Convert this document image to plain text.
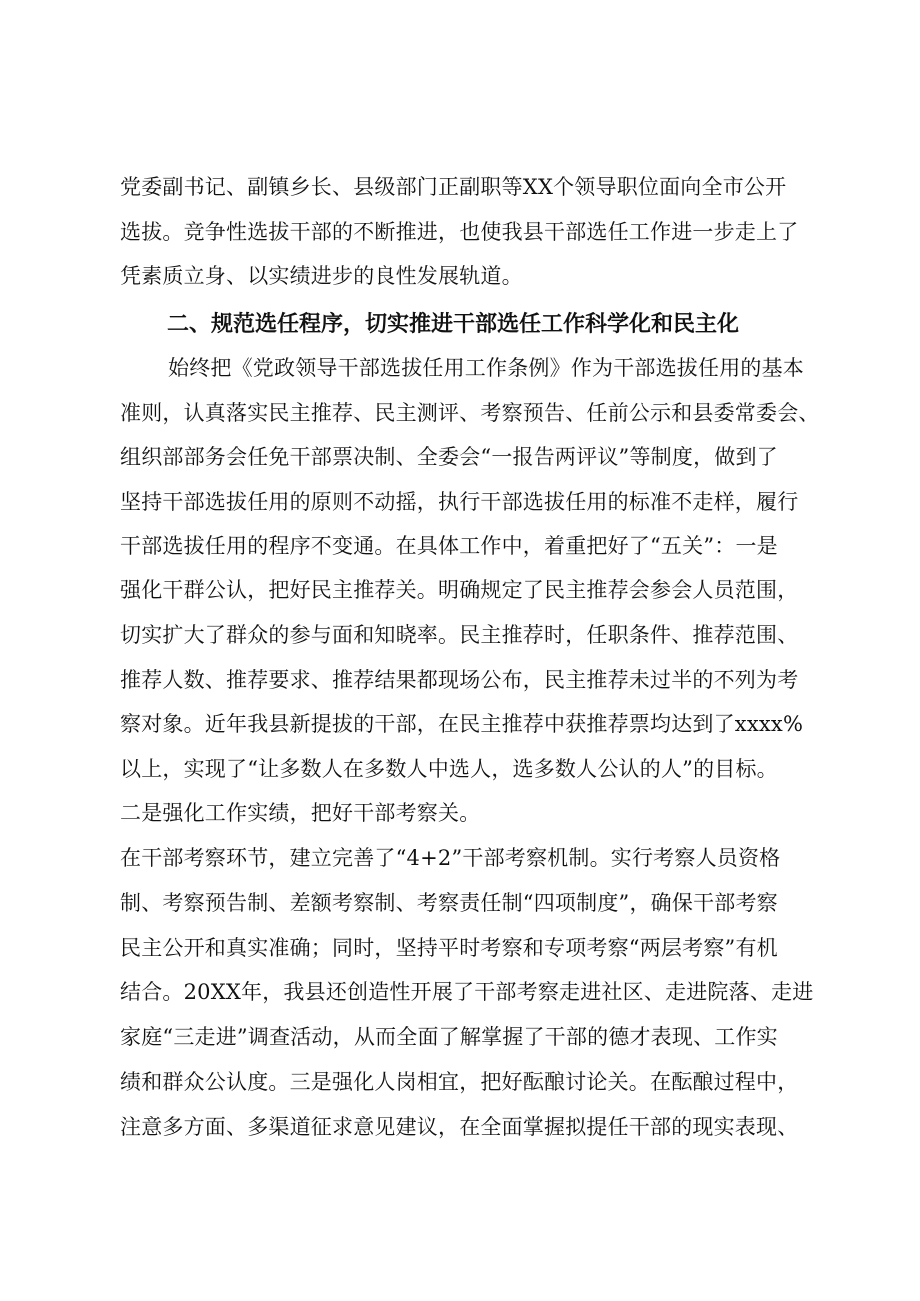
党委副书记、副镇乡长、县级部门正副职等XX个领导职位面向全市公开
选拔。竞争性选拔干部的不断推进，也使我县干部选任工作进一步走上了
凭素质立身、以实绩进步的良性发展轨道。
二、规范选任程序，切实推进干部选任工作科学化和民主化
始终把《党政领导干部选拔任用工作条例》作为干部选拔任用的基本
准则，认真落实民主推荐、民主测评、考察预告、任前公示和县委常委会、
组织部部务会任免干部票决制、全委会“一报告两评议”等制度，做到了
坚持干部选拔任用的原则不动摇，执行干部选拔任用的标准不走样，履行
干部选拔任用的程序不变通。在具体工作中，着重把好了“五关”：一是
强化干群公认，把好民主推荐关。明确规定了民主推荐会参会人员范围，
切实扩大了群众的参与面和知晓率。民主推荐时，任职条件、推荐范围、
推荐人数、推荐要求、推荐结果都现场公布，民主推荐未过半的不列为考
察对象。近年我县新提拔的干部，在民主推荐中获推荐票均达到了xxxx%
以上，实现了“让多数人在多数人中选人，选多数人公认的人”的目标。
二是强化工作实绩，把好干部考察关。
在干部考察环节，建立完善了“4+2”干部考察机制。实行考察人员资格
制、考察预告制、差额考察制、考察责任制“四项制度”，确保干部考察
民主公开和真实准确；同时，坚持平时考察和专项考察“两层考察”有机
结合。20XX年，我县还创造性开展了干部考察走进社区、走进院落、走进
家庭“三走进”调查活动，从而全面了解掌握了干部的德才表现、工作实
绩和群众公认度。三是强化人岗相宜，把好酝酿讨论关。在酝酿过程中，
注意多方面、多渠道征求意见建议，在全面掌握拟提任干部的现实表现、
